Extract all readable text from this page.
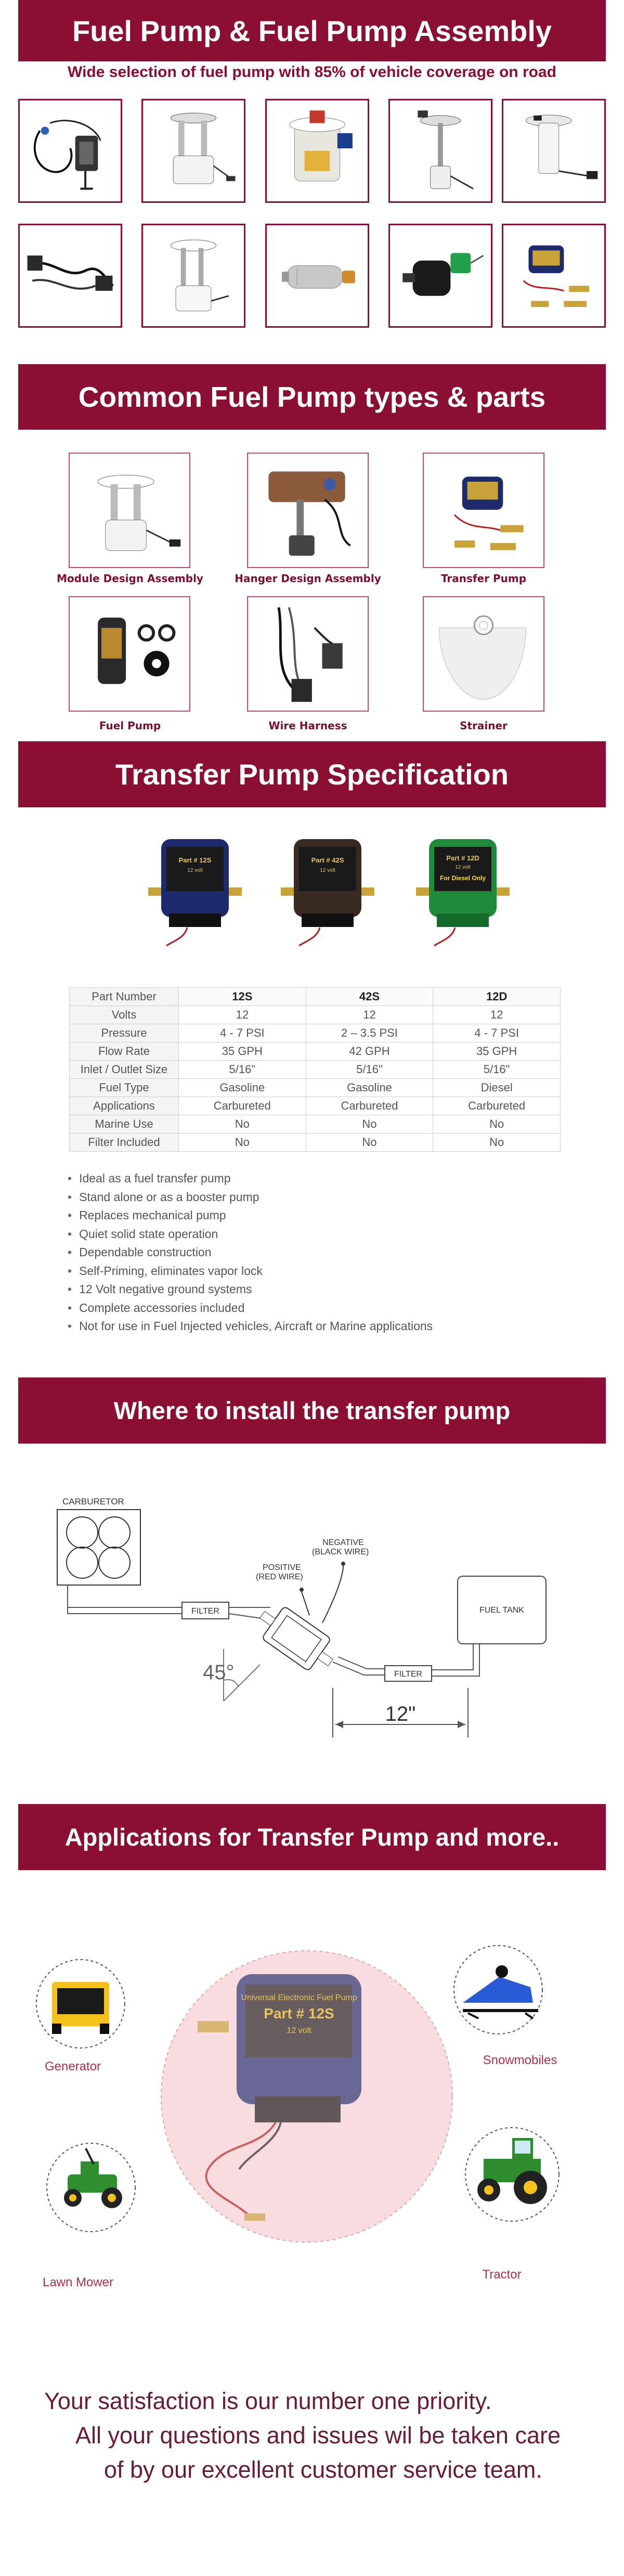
Fuel Pump & Fuel Pump Assembly
Wide selection of fuel pump with 85% of vehicle coverage on road
Common Fuel Pump types & parts
Module Design Assembly	Hanger Design Assembly	Transfer Pump
Fuel Pump	Wire Harness	Strainer
Transfer Pump Specification
Part # 12S
12 volt
Part # 42S
12 volt
Part # 12D
12 volt
For Diesel Only
Part Number	12S	42S	12D
Volts	12	12	12
Pressure	4 - 7 PSI	2 – 3.5 PSI	4 - 7 PSI
Flow Rate	35 GPH	42 GPH	35 GPH
Inlet / Outlet Size	5/16"	5/16"	5/16"
Fuel Type	Gasoline	Gasoline	Diesel
Applications	Carbureted	Carbureted	Carbureted
Marine Use	No	No	No
Filter Included	No	No	No
• Ideal as a fuel transfer pump
• Stand alone or as a booster pump
• Replaces mechanical pump
• Quiet solid state operation
• Dependable construction
• Self-Priming, eliminates vapor lock
• 12 Volt negative ground systems
• Complete accessories included
• Not for use in Fuel Injected vehicles, Aircraft or Marine applications
Where to install the transfer pump
CARBURETOR
FILTER
POSITIVE
(RED WIRE)
NEGATIVE
(BLACK WIRE)
45°	FILTER
FUEL TANK
12"
Applications for Transfer Pump and more..
Universal Electronic Fuel Pump
Part # 12S
12 volt
Generator	Snowmobiles
Lawn Mower
Tractor
Your satisfaction is our number one priority.
All your questions and issues wil be taken care
of by our excellent customer service team.
